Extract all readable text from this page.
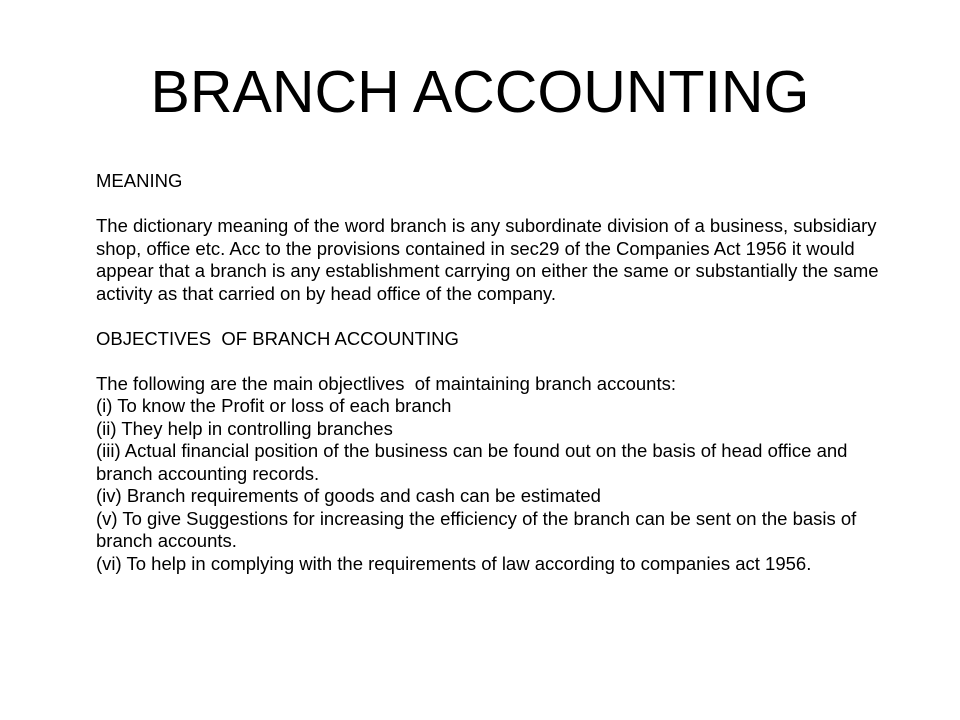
BRANCH ACCOUNTING

MEANING

The dictionary meaning of the word branch is any subordinate division of a business, subsidiary shop, office etc. Acc to the provisions contained in sec29 of the Companies Act 1956 it would appear that a branch is any establishment carrying on either the same or substantially the same activity as that carried on by head office of the company.

OBJECTIVES  OF BRANCH ACCOUNTING

The following are the main objectlives  of maintaining branch accounts:

(i) To know the Profit or loss of each branch

(ii) They help in controlling branches

(iii) Actual financial position of the business can be found out on the basis of head office and branch accounting records.

(iv) Branch requirements of goods and cash can be estimated

(v) To give Suggestions for increasing the efficiency of the branch can be sent on the basis of branch accounts.

(vi) To help in complying with the requirements of law according to companies act 1956.
